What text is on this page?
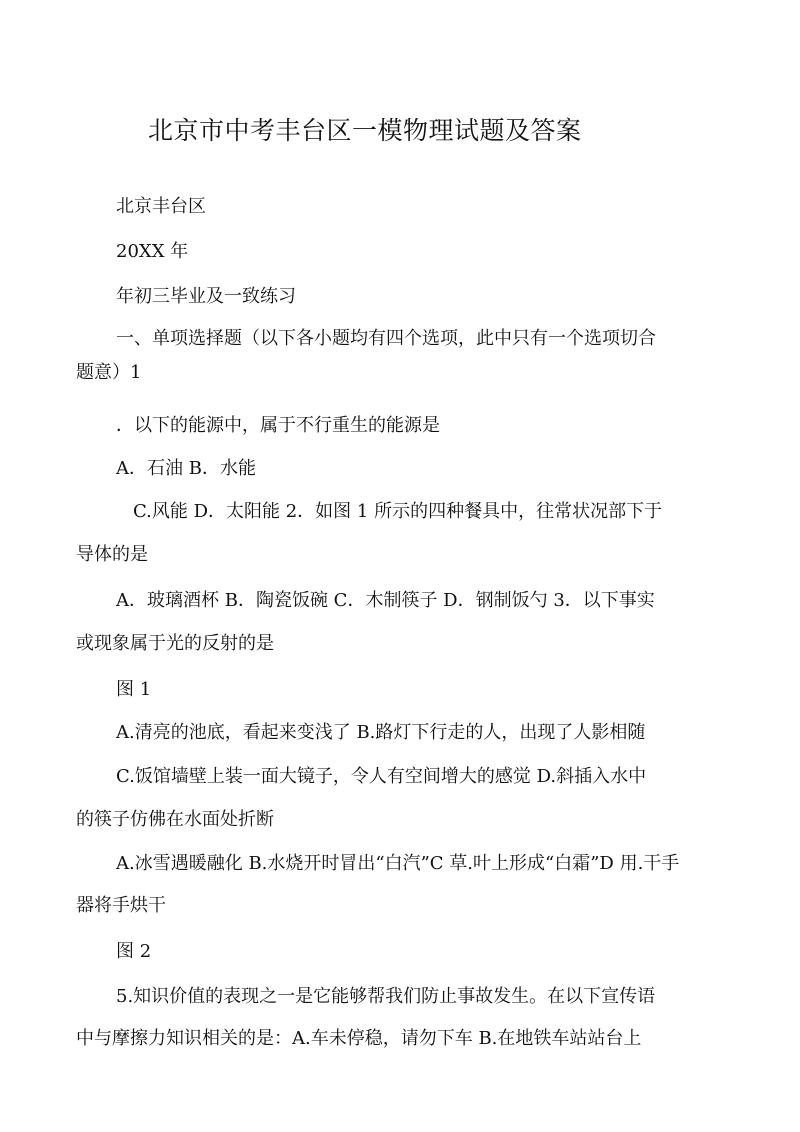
北京市中考丰台区一模物理试题及答案
北京丰台区
20XX 年
年初三毕业及一致练习
一、单项选择题（以下各小题均有四个选项，此中只有一个选项切合
题意）1
．以下的能源中，属于不行重生的能源是
A．石油 B．水能
C.风能 D．太阳能 2．如图 1 所示的四种餐具中，往常状况部下于
导体的是
A．玻璃酒杯 B．陶瓷饭碗 C．木制筷子 D．钢制饭勺 3．以下事实
或现象属于光的反射的是
图 1
A.清亮的池底，看起来变浅了 B.路灯下行走的人，出现了人影相随
C.饭馆墙壁上装一面大镜子，令人有空间增大的感觉 D.斜插入水中
的筷子仿佛在水面处折断
A.冰雪遇暖融化 B.水烧开时冒出“白汽”C 草.叶上形成“白霜”D 用.干手
器将手烘干
图 2
5.知识价值的表现之一是它能够帮我们防止事故发生。在以下宣传语
中与摩擦力知识相关的是：A.车未停稳，请勿下车 B.在地铁车站站台上
